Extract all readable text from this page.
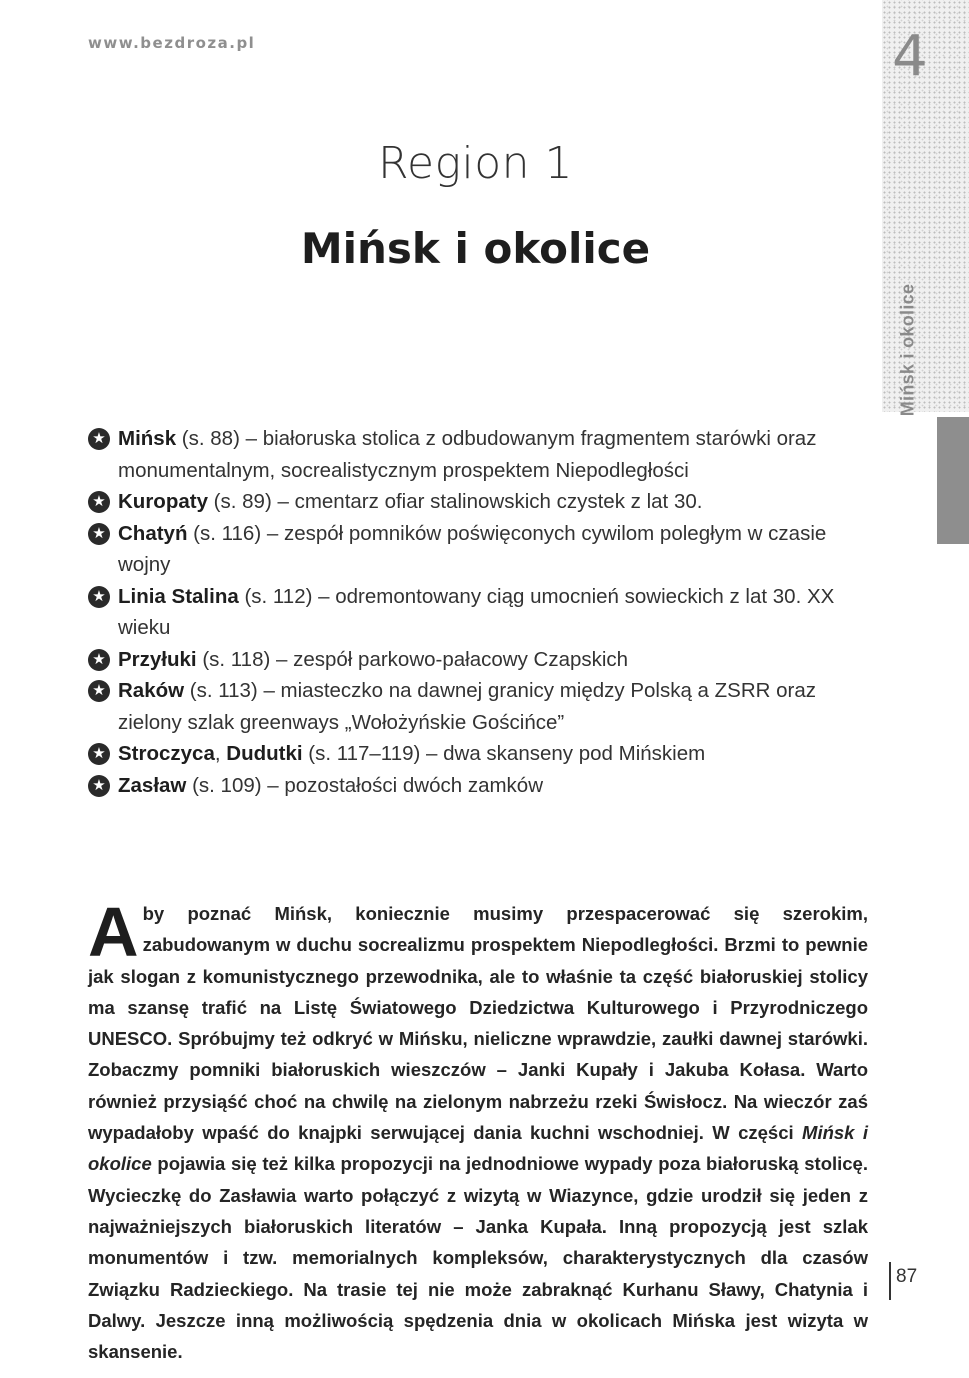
www.bezdroza.pl	4
Mińsk i okolice
Region 1
Mińsk i okolice
★ Mińsk (s. 88) – białoruska stolica z odbudowanym fragmentem starówki oraz monumentalnym, socrealistycznym prospektem Niepodległości
★ Kuropaty (s. 89) – cmentarz ofiar stalinowskich czystek z lat 30.
★ Chatyń (s. 116) – zespół pomników poświęconych cywilom poległym w czasie wojny
★ Linia Stalina (s. 112) – odremontowany ciąg umocnień sowieckich z lat 30. XX wieku
★ Przyłuki (s. 118) – zespół parkowo-pałacowy Czapskich
★ Raków (s. 113) – miasteczko na dawnej granicy między Polską a ZSRR oraz zielony szlak greenways „Wołożyńskie Gościńce”
★ Stroczyca, Dudutki (s. 117–119) – dwa skanseny pod Mińskiem
★ Zasław (s. 109) – pozostałości dwóch zamków

Aby poznać Mińsk, koniecznie musimy przespacerować się szerokim, zabudowanym w duchu socrealizmu prospektem Niepodległości. Brzmi to pewnie jak slogan z komunistycznego przewodnika, ale to właśnie ta część białoruskiej stolicy ma szansę trafić na Listę Światowego Dziedzictwa Kulturowego i Przyrodniczego UNESCO. Spróbujmy też odkryć w Mińsku, nieliczne wprawdzie, zaułki dawnej starówki. Zobaczmy pomniki białoruskich wieszczów – Janki Kupały i Jakuba Kołasa. Warto również przysiąść choć na chwilę na zielonym nabrzeżu rzeki Świsłocz. Na wieczór zaś wypadałoby wpaść do knajpki serwującej dania kuchni wschodniej. W części Mińsk i okolice pojawia się też kilka propozycji na jednodniowe wypady poza białoruską stolicę. Wycieczkę do Zasławia warto połączyć z wizytą w Wiazynce, gdzie urodził się jeden z najważniejszych białoruskich literatów – Janka Kupała. Inną propozycją jest szlak monumentów i tzw. memorialnych kompleksów, charakterystycznych dla czasów Związku Radzieckiego. Na trasie tej nie może zabraknąć Kurhanu Sławy, Chatynia i Dalwy. Jeszcze inną możliwością spędzenia dnia w okolicach Mińska jest wizyta w skansenie.

87
